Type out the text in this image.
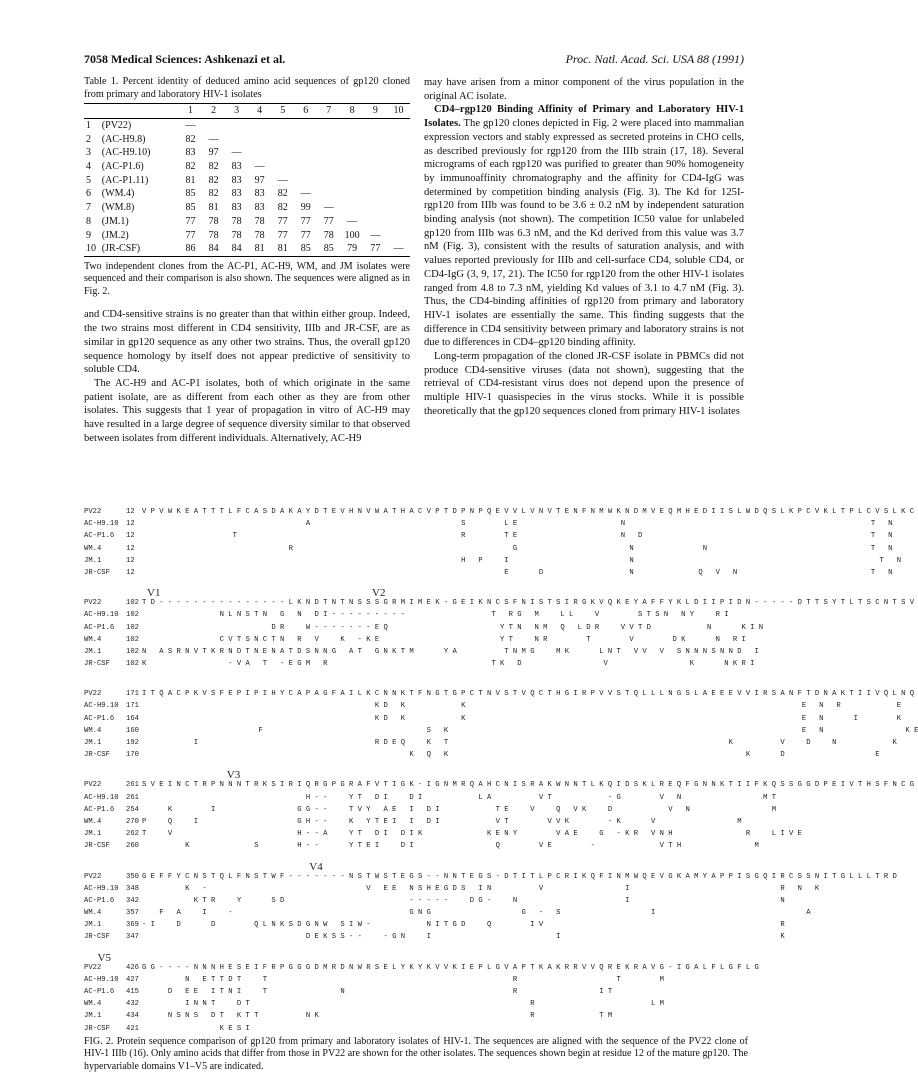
7058 Medical Sciences: Ashkenazi et al.	Proc. Natl. Acad. Sci. USA 88 (1991)

Table 1. Percent identity of deduced amino acid sequences of gp120 cloned from primary and laboratory HIV-1 isolates

		1	2	3	4	5	6	7	8	9	10
1	(PV22)	—									
2	(AC-H9.8)	82	—								
3	(AC-H9.10)	83	97	—							
4	(AC-P1.6)	82	82	83	—						
5	(AC-P1.11)	81	82	83	97	—					
6	(WM.4)	85	82	83	83	82	—				
7	(WM.8)	85	81	83	83	82	99	—			
8	(JM.1)	77	78	78	78	77	77	77	—		
9	(JM.2)	77	78	78	78	77	77	78	100	—	
10	(JR-CSF)	86	84	84	81	81	85	85	79	77	—

Two independent clones from the AC-P1, AC-H9, WM, and JM isolates were sequenced and their comparison is also shown. The sequences were aligned as in Fig. 2.

and CD4-sensitive strains is no greater than that within either group. Indeed, the two strains most different in CD4 sensitivity, IIIb and JR-CSF, are as similar in gp120 sequence as any other two strains. Thus, the overall gp120 sequence homology by itself does not appear predictive of sensitivity to soluble CD4.

The AC-H9 and AC-P1 isolates, both of which originate in the same patient isolate, are as different from each other as they are from other isolates. This suggests that 1 year of propagation in vitro of AC-H9 may have resulted in a large degree of sequence diversity similar to that observed between isolates from different individuals. Alternatively, AC-H9

may have arisen from a minor component of the virus population in the original AC isolate.

CD4–rgp120 Binding Affinity of Primary and Laboratory HIV-1 Isolates. The gp120 clones depicted in Fig. 2 were placed into mammalian expression vectors and stably expressed as secreted proteins in CHO cells, as described previously for rgp120 from the IIIb strain (17, 18). Several micrograms of each rgp120 was purified to greater than 90% homogeneity by immunoaffinity chromatography and the affinity for CD4-IgG was determined by competition binding analysis (Fig. 3). The Kd for 125I-rgp120 from IIIb was found to be 3.6 ± 0.2 nM by independent saturation binding analysis (not shown). The competition IC50 value for unlabeled gp120 from IIIb was 6.3 nM, and the Kd derived from this value was 3.7 nM (Fig. 3), consistent with the results of saturation analysis, and with values reported previously for IIIb and cell-surface CD4, soluble CD4, or CD4-IgG (3, 9, 17, 21). The IC50 for rgp120 from the other HIV-1 isolates ranged from 4.8 to 7.3 nM, yielding Kd values of 3.1 to 4.7 nM (Fig. 3). Thus, the CD4-binding affinities of rgp120 from primary and laboratory HIV-1 isolates are essentially the same. This finding suggests that the difference in CD4 sensitivity between primary and laboratory strains is not due to differences in CD4–gp120 binding affinity.

Long-term propagation of the cloned JR-CSF isolate in PBMCs did not produce CD4-sensitive viruses (data not shown), suggesting that the retrieval of CD4-resistant virus does not depend upon the presence of multiple HIV-1 quasispecies in the virus stocks. While it is possible theoretically that the gp120 sequences cloned from primary HIV-1 isolates

PV22	12 V P V W K E A T T T L F C A S D A K A Y D T E V H N V W A T H A C V P T D P N P Q E V V L V N V T E N F N M W K N D M V E Q M H E D I I S L W D Q S L K P C V K L T P L C V S L K C
AC-H9.10 12                                      A                                   S         L E                        N                                                         T   N
AC-P1.6 12                     T                                                    R         T E                        N   D                                                     T   N
WM.4	12                                  R                                                   G                          N                N                                      T   N
JM.1	12                                                                          H   P     I                            N                                                         T   N
JR-CSF 12                                                                                    E       D                    N               Q   V   N                               T   N
V1                                                                             V2
PV22	102 T D - - - - - - - - - - - - - - - L K N D T N T N S S S G R M I M E K - G E I K N C S F N I S T S I R G K V Q K E Y A F F Y K L D I I P I D N - - - - - D T T S Y T L T S C N T S V
AC-H9.10 102                  N L N S T N   G   N   D I - - - - - - - - -                    T   R G   M     L L     V         S T S N   N Y     R I
AC-P1.6 102                              D R     W - - - - - - - E Q                          Y T N   N M   Q   L D R     V V T D             N       K I N
WM.4	102                  C V T S N C T N   R   V     K   - K E                            Y T     N R         T         V         D K       N   R I
JM.1	102 N   A S R N V T K R N D T N E N A T D S N N G   A T   G N K T M       Y A           T N M G     M K       L N T   V V   V   S N N N S N N D   I
JR-CSF 102 K                   - V A   T   - E G M   R                                      T K   D                   V                   K       N K R I
PV22	171 I T Q A C P K V S F E P I P I H Y C A P A G F A I L K C N N K T F N G T G P C T N V S T V Q C T H G I R P V V S T Q L L L N G S L A E E E V V I R S A N F T D N A K T I I V Q L N Q
AC-H9.10 171                                                      K D   K             K                                                                              E   N   R             E
AC-P1.6 164                                                      K D   K             K                                                                              E   N       I         K
WM.4	160                           F                                      S   K                                                                                  E   N                   K E
JM.1	192            I                                         R D E Q     K   T                                                                 K           V     D     N             K
JR-CSF 170                                                              K   Q   K                                                                     K       D                     E
V3
PV22	261 S V E I N C T R P N N N T R K S I R I Q R G P G R A F V T I G K - I G N M R Q A H C N I S R A K W N N T L K Q I D S K L R E Q F G N N K T I I F K Q S S G G D P E I V T H S F N C G
AC-H9.10 261                                      H - -     Y T   D I     D I             L A           V T             - G         V   N                   M T
AC-P1.6 254      K         I                   G G - -     T V Y   A E   I   D I             T E     V     Q   V K     D             V   N                   M
WM.4	270 P     Q     I                       G H - -     K   Y T E I   I   D I             V T         V V K         - K       V                   M
JM.1	262 T     V                             H - - A     Y T   D I   D I K               K E N Y         V A E     G   - K R   V N H                 R     L I V E
JR-CSF 260          K               S         H - -       Y T E I     D I                   Q         V E         -               V T H                 M
V4
PV22	350 G E F F Y C N S T Q L F N S T W F - - - - - - - N S T W S T E G S - - N N T E G S - D T I T L P C R I K Q F I N M W Q E V G K A M Y A P P I S G Q I R C S S N I T G L L L T R D
AC-H9.10 348          K   -                                     V   E E   N S H E G D S   I N           V                   I                                   R   N   K
AC-P1.6 342            K T R     Y       S D                             - - - - -     D G -     N                         I                                   N
WM.4	357    F   A     I     -                                         G N G                     G   -   S                     I                                   A
JM.1	369 - I     D       D         Q L N K S D G N W   S I W -             N I T G D     Q         I V                                                       R
JR-CSF 347                                      D E K S S - -     - G N     I                             I                                                   K
V5
PV22	426 G G - - - - N N N H E S E I F R P G G G D M R D N W R S E L Y K Y K V V K I E P L G V A P T K A K R R V V Q R E K R A V G - I G A L F L G F L G
AC-H9.10 427          N   E T T D T     T                                                         R                       T         M
AC-P1.6 415      D   E E   I T N I     T                 N                                       R                   I T
WM.4	432          I N N T     D T                                                                 R                           L M
JM.1	434      N S N S   D T   K T T           N K                                                 R               T M
JR-CSF 421                  K E S I
FIG. 2. Protein sequence comparison of gp120 from primary and laboratory isolates of HIV-1. The sequences are aligned with the sequence of the PV22 clone of HIV-1 IIIb (16). Only amino acids that differ from those in PV22 are shown for the other isolates. The sequences shown begin at residue 12 of the mature gp120. The hypervariable domains V1–V5 are indicated.
